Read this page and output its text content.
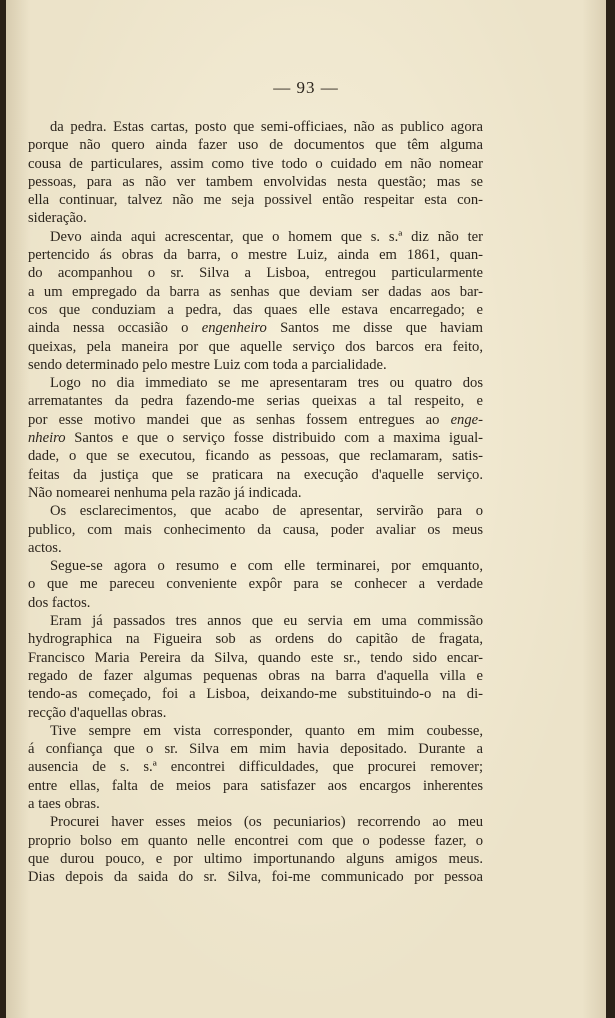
— 93 —

da pedra. Estas cartas, posto que semi-officiaes, não as publico agora
porque não quero ainda fazer uso de documentos que têm alguma
cousa de particulares, assim como tive todo o cuidado em não nomear
pessoas, para as não ver tambem envolvidas nesta questão; mas se
ella continuar, talvez não me seja possivel então respeitar esta con-
sideração.

Devo ainda aqui acrescentar, que o homem que s. s.ª diz não ter
pertencido ás obras da barra, o mestre Luiz, ainda em 1861, quan-
do acompanhou o sr. Silva a Lisboa, entregou particularmente
a um empregado da barra as senhas que deviam ser dadas aos bar-
cos que conduziam a pedra, das quaes elle estava encarregado; e
ainda nessa occasião o engenheiro Santos me disse que haviam
queixas, pela maneira por que aquelle serviço dos barcos era feito,
sendo determinado pelo mestre Luiz com toda a parcialidade.

Logo no dia immediato se me apresentaram tres ou quatro dos
arrematantes da pedra fazendo-me serias queixas a tal respeito, e
por esse motivo mandei que as senhas fossem entregues ao enge-
nheiro Santos e que o serviço fosse distribuido com a maxima igual-
dade, o que se executou, ficando as pessoas, que reclamaram, satis-
feitas da justiça que se praticara na execução d'aquelle serviço.
Não nomearei nenhuma pela razão já indicada.

Os esclarecimentos, que acabo de apresentar, servirão para o
publico, com mais conhecimento da causa, poder avaliar os meus
actos.

Segue-se agora o resumo e com elle terminarei, por emquanto,
o que me pareceu conveniente expôr para se conhecer a verdade
dos factos.

Eram já passados tres annos que eu servia em uma commissão
hydrographica na Figueira sob as ordens do capitão de fragata,
Francisco Maria Pereira da Silva, quando este sr., tendo sido encar-
regado de fazer algumas pequenas obras na barra d'aquella villa e
tendo-as começado, foi a Lisboa, deixando-me substituindo-o na di-
recção d'aquellas obras.

Tive sempre em vista corresponder, quanto em mim coubesse,
á confiança que o sr. Silva em mim havia depositado. Durante a
ausencia de s. s.ª encontrei difficuldades, que procurei remover;
entre ellas, falta de meios para satisfazer aos encargos inherentes
a taes obras.

Procurei haver esses meios (os pecuniarios) recorrendo ao meu
proprio bolso em quanto nelle encontrei com que o podesse fazer, o
que durou pouco, e por ultimo importunando alguns amigos meus.
Dias depois da saida do sr. Silva, foi-me communicado por pessoa
